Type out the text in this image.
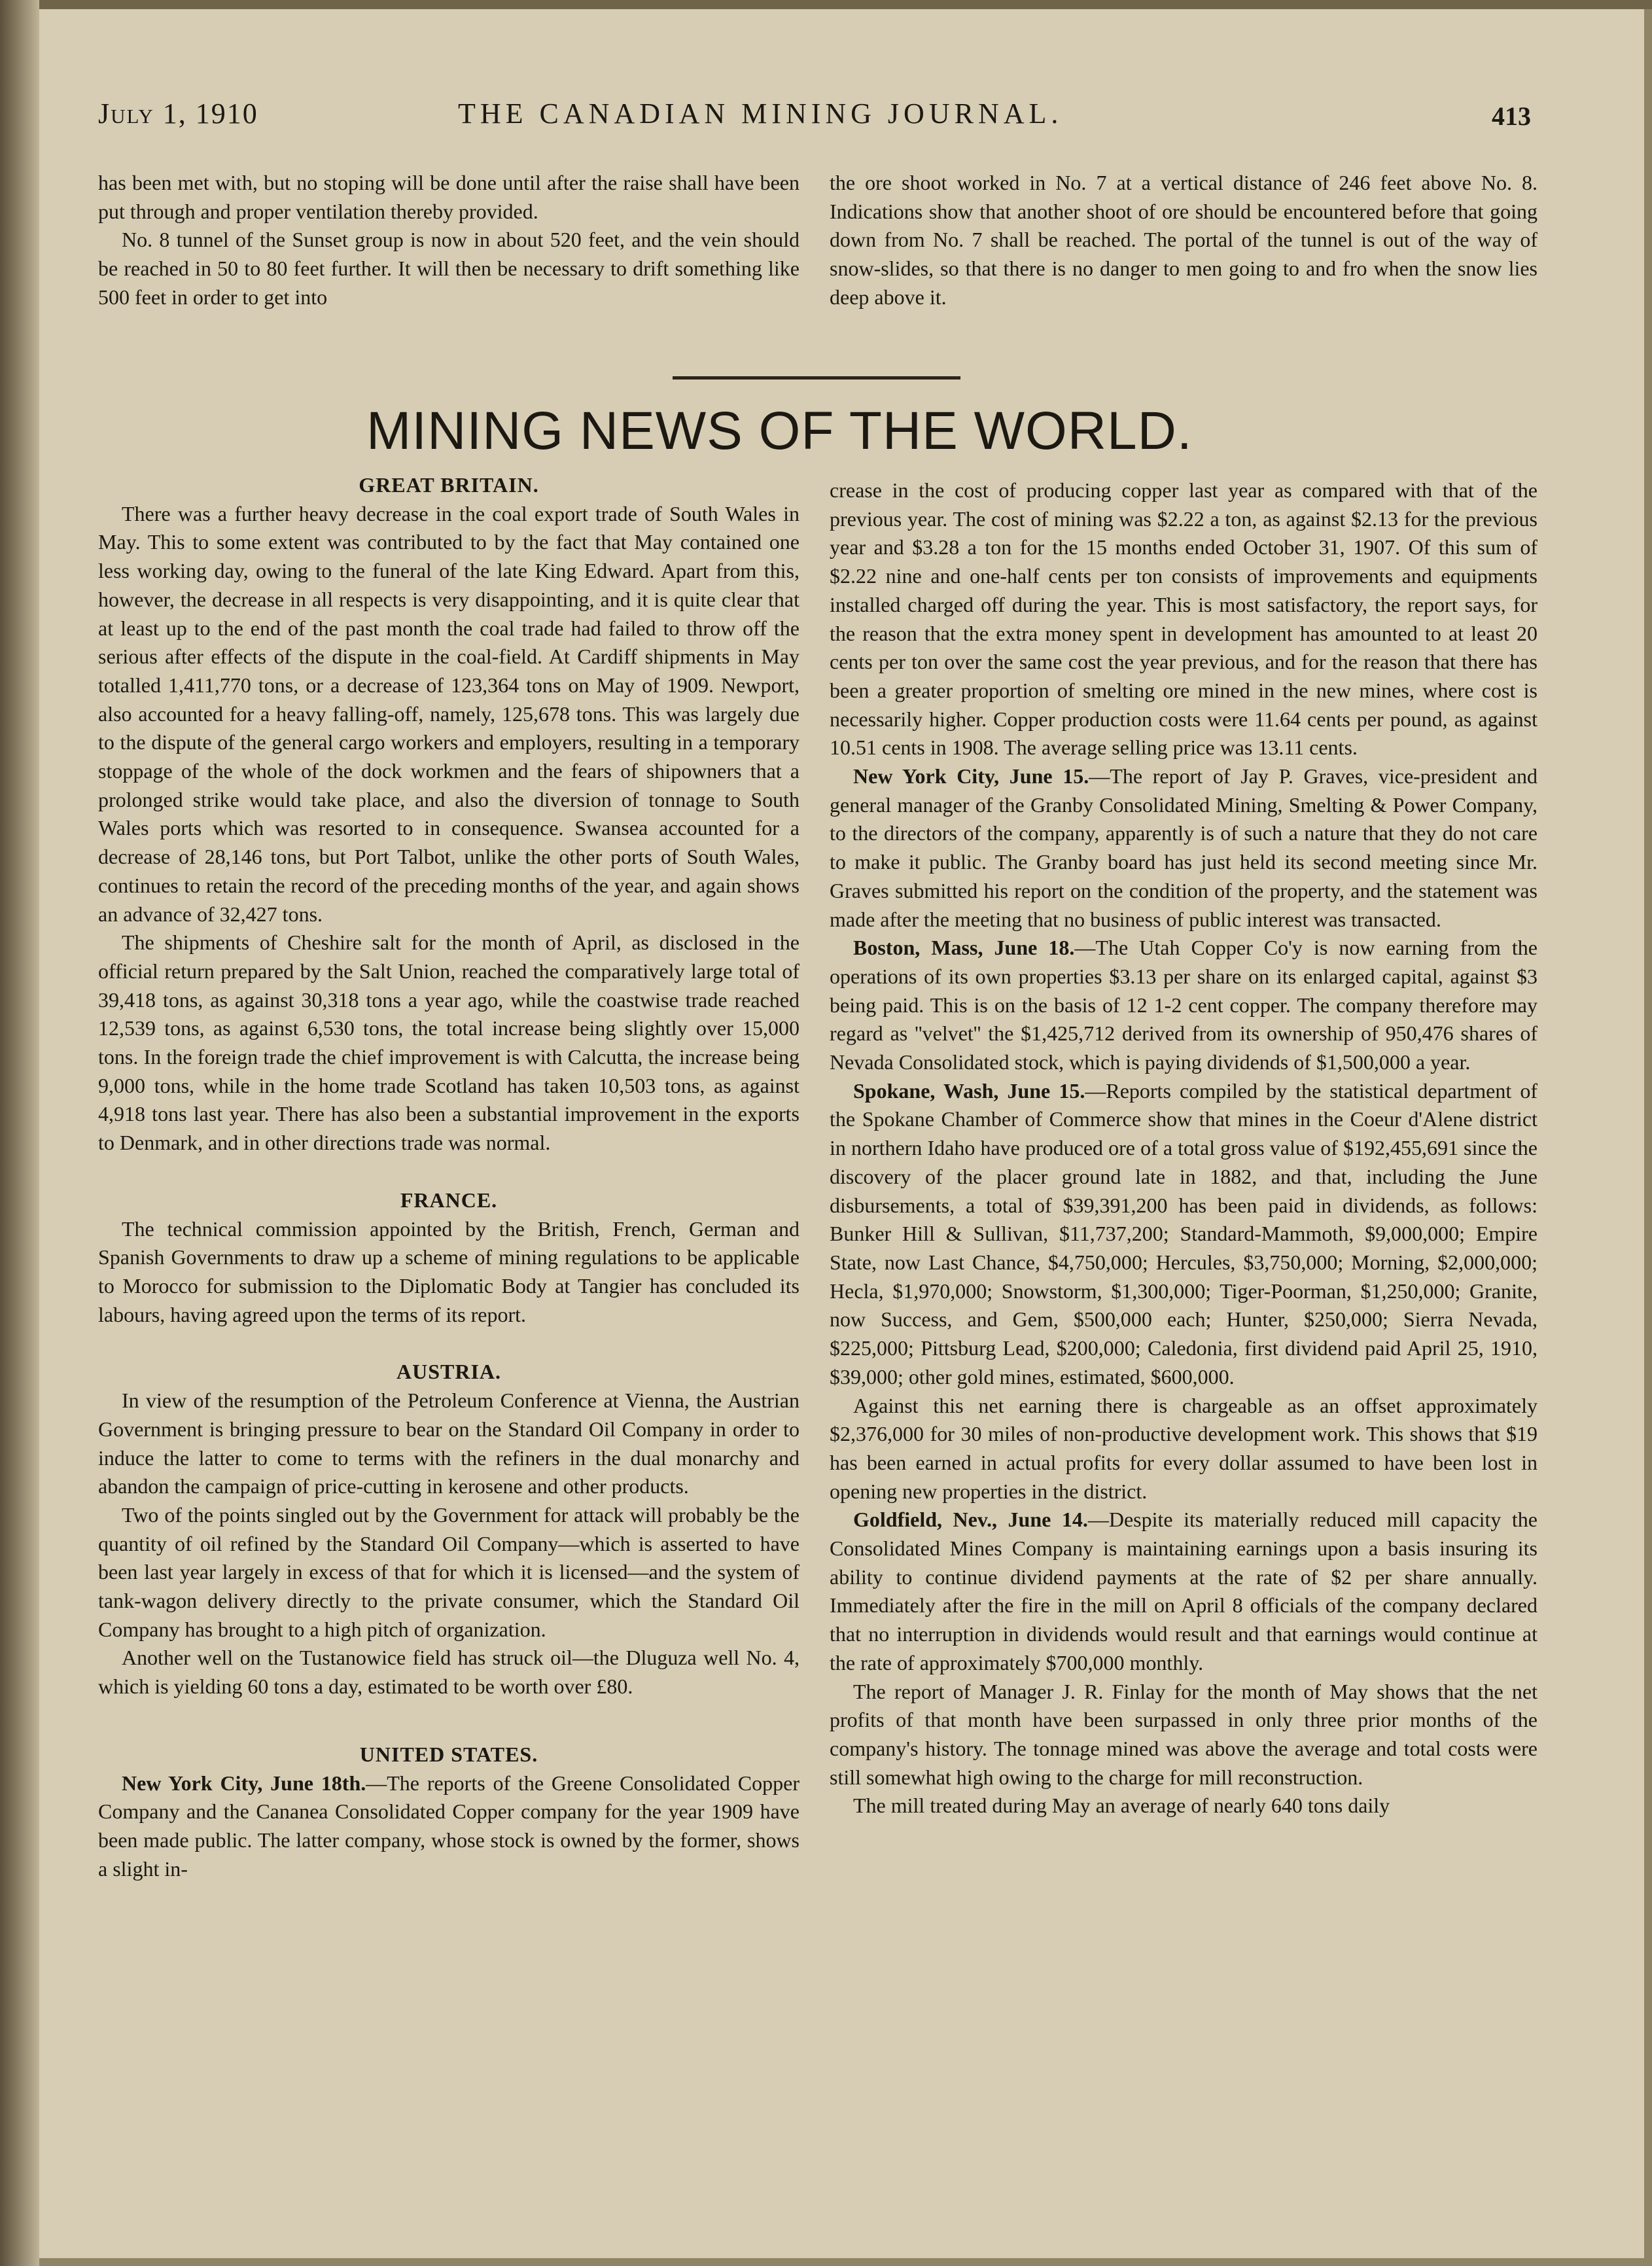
July 1, 1910	THE CANADIAN MINING JOURNAL.	413

has been met with, but no stoping will be done until after the raise shall have been put through and proper ventilation thereby provided.

No. 8 tunnel of the Sunset group is now in about 520 feet, and the vein should be reached in 50 to 80 feet further. It will then be necessary to drift something like 500 feet in order to get into

the ore shoot worked in No. 7 at a vertical distance of 246 feet above No. 8. Indications show that another shoot of ore should be encountered before that going down from No. 7 shall be reached. The portal of the tunnel is out of the way of snow-slides, so that there is no danger to men going to and fro when the snow lies deep above it.

MINING NEWS OF THE WORLD.
GREAT BRITAIN.

There was a further heavy decrease in the coal export trade of South Wales in May. This to some extent was contributed to by the fact that May contained one less working day, owing to the funeral of the late King Edward. Apart from this, however, the decrease in all respects is very disappointing, and it is quite clear that at least up to the end of the past month the coal trade had failed to throw off the serious after effects of the dispute in the coal-field. At Cardiff shipments in May totalled 1,411,770 tons, or a decrease of 123,364 tons on May of 1909. Newport, also accounted for a heavy falling-off, namely, 125,678 tons. This was largely due to the dispute of the general cargo workers and employers, resulting in a temporary stoppage of the whole of the dock workmen and the fears of shipowners that a prolonged strike would take place, and also the diversion of tonnage to South Wales ports which was resorted to in consequence. Swansea accounted for a decrease of 28,146 tons, but Port Talbot, unlike the other ports of South Wales, continues to retain the record of the preceding months of the year, and again shows an advance of 32,427 tons.

The shipments of Cheshire salt for the month of April, as disclosed in the official return prepared by the Salt Union, reached the comparatively large total of 39,418 tons, as against 30,318 tons a year ago, while the coastwise trade reached 12,539 tons, as against 6,530 tons, the total increase being slightly over 15,000 tons. In the foreign trade the chief improvement is with Calcutta, the increase being 9,000 tons, while in the home trade Scotland has taken 10,503 tons, as against 4,918 tons last year. There has also been a substantial improvement in the exports to Denmark, and in other directions trade was normal.

FRANCE.

The technical commission appointed by the British, French, German and Spanish Governments to draw up a scheme of mining regulations to be applicable to Morocco for submission to the Diplomatic Body at Tangier has concluded its labours, having agreed upon the terms of its report.

AUSTRIA.

In view of the resumption of the Petroleum Conference at Vienna, the Austrian Government is bringing pressure to bear on the Standard Oil Company in order to induce the latter to come to terms with the refiners in the dual monarchy and abandon the campaign of price-cutting in kerosene and other products.

Two of the points singled out by the Government for attack will probably be the quantity of oil refined by the Standard Oil Company—which is asserted to have been last year largely in excess of that for which it is licensed—and the system of tank-wagon delivery directly to the private consumer, which the Standard Oil Company has brought to a high pitch of organization.

Another well on the Tustanowice field has struck oil—the Dluguza well No. 4, which is yielding 60 tons a day, estimated to be worth over £80.

UNITED STATES.

New York City, June 18th.—The reports of the Greene Consolidated Copper Company and the Cananea Consolidated Copper company for the year 1909 have been made public. The latter company, whose stock is owned by the former, shows a slight in-

crease in the cost of producing copper last year as compared with that of the previous year. The cost of mining was $2.22 a ton, as against $2.13 for the previous year and $3.28 a ton for the 15 months ended October 31, 1907. Of this sum of $2.22 nine and one-half cents per ton consists of improvements and equipments installed charged off during the year. This is most satisfactory, the report says, for the reason that the extra money spent in development has amounted to at least 20 cents per ton over the same cost the year previous, and for the reason that there has been a greater proportion of smelting ore mined in the new mines, where cost is necessarily higher. Copper production costs were 11.64 cents per pound, as against 10.51 cents in 1908. The average selling price was 13.11 cents.

New York City, June 15.—The report of Jay P. Graves, vice-president and general manager of the Granby Consolidated Mining, Smelting & Power Company, to the directors of the company, apparently is of such a nature that they do not care to make it public. The Granby board has just held its second meeting since Mr. Graves submitted his report on the condition of the property, and the statement was made after the meeting that no business of public interest was transacted.

Boston, Mass, June 18.—The Utah Copper Co'y is now earning from the operations of its own properties $3.13 per share on its enlarged capital, against $3 being paid. This is on the basis of 12 1-2 cent copper. The company therefore may regard as ''velvet'' the $1,425,712 derived from its ownership of 950,476 shares of Nevada Consolidated stock, which is paying dividends of $1,500,000 a year.

Spokane, Wash, June 15.—Reports compiled by the statistical department of the Spokane Chamber of Commerce show that mines in the Coeur d'Alene district in northern Idaho have produced ore of a total gross value of $192,455,691 since the discovery of the placer ground late in 1882, and that, including the June disbursements, a total of $39,391,200 has been paid in dividends, as follows: Bunker Hill & Sullivan, $11,737,200; Standard-Mammoth, $9,000,000; Empire State, now Last Chance, $4,750,000; Hercules, $3,750,000; Morning, $2,000,000; Hecla, $1,970,000; Snowstorm, $1,300,000; Tiger-Poorman, $1,250,000; Granite, now Success, and Gem, $500,000 each; Hunter, $250,000; Sierra Nevada, $225,000; Pittsburg Lead, $200,000; Caledonia, first dividend paid April 25, 1910, $39,000; other gold mines, estimated, $600,000.

Against this net earning there is chargeable as an offset approximately $2,376,000 for 30 miles of non-productive development work. This shows that $19 has been earned in actual profits for every dollar assumed to have been lost in opening new properties in the district.

Goldfield, Nev., June 14.—Despite its materially reduced mill capacity the Consolidated Mines Company is maintaining earnings upon a basis insuring its ability to continue dividend payments at the rate of $2 per share annually. Immediately after the fire in the mill on April 8 officials of the company declared that no interruption in dividends would result and that earnings would continue at the rate of approximately $700,000 monthly.

The report of Manager J. R. Finlay for the month of May shows that the net profits of that month have been surpassed in only three prior months of the company's history. The tonnage mined was above the average and total costs were still somewhat high owing to the charge for mill reconstruction.

The mill treated during May an average of nearly 640 tons daily
